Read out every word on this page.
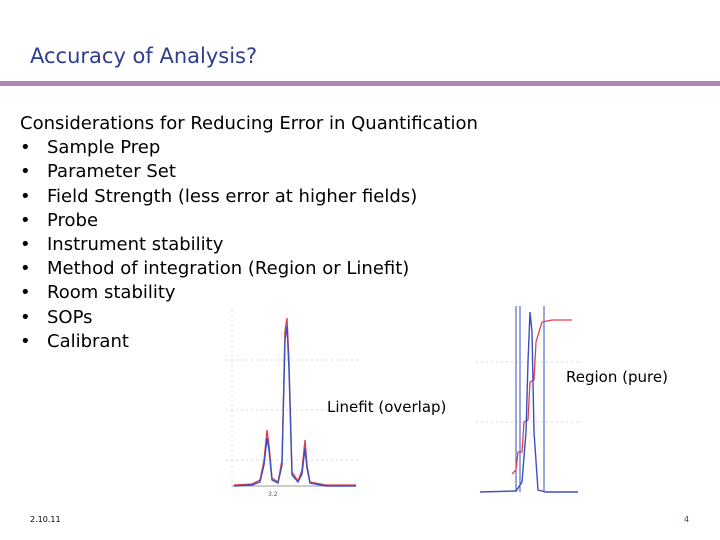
Accuracy of Analysis?
Considerations for Reducing Error in Quantification
• Sample Prep
• Parameter Set
• Field Strength (less error at higher fields)
• Probe
• Instrument stability
• Method of integration (Region or Linefit)
• Room stability
• SOPs
• Calibrant
3.2
Linefit (overlap)
Region (pure)
2.10.11	4
